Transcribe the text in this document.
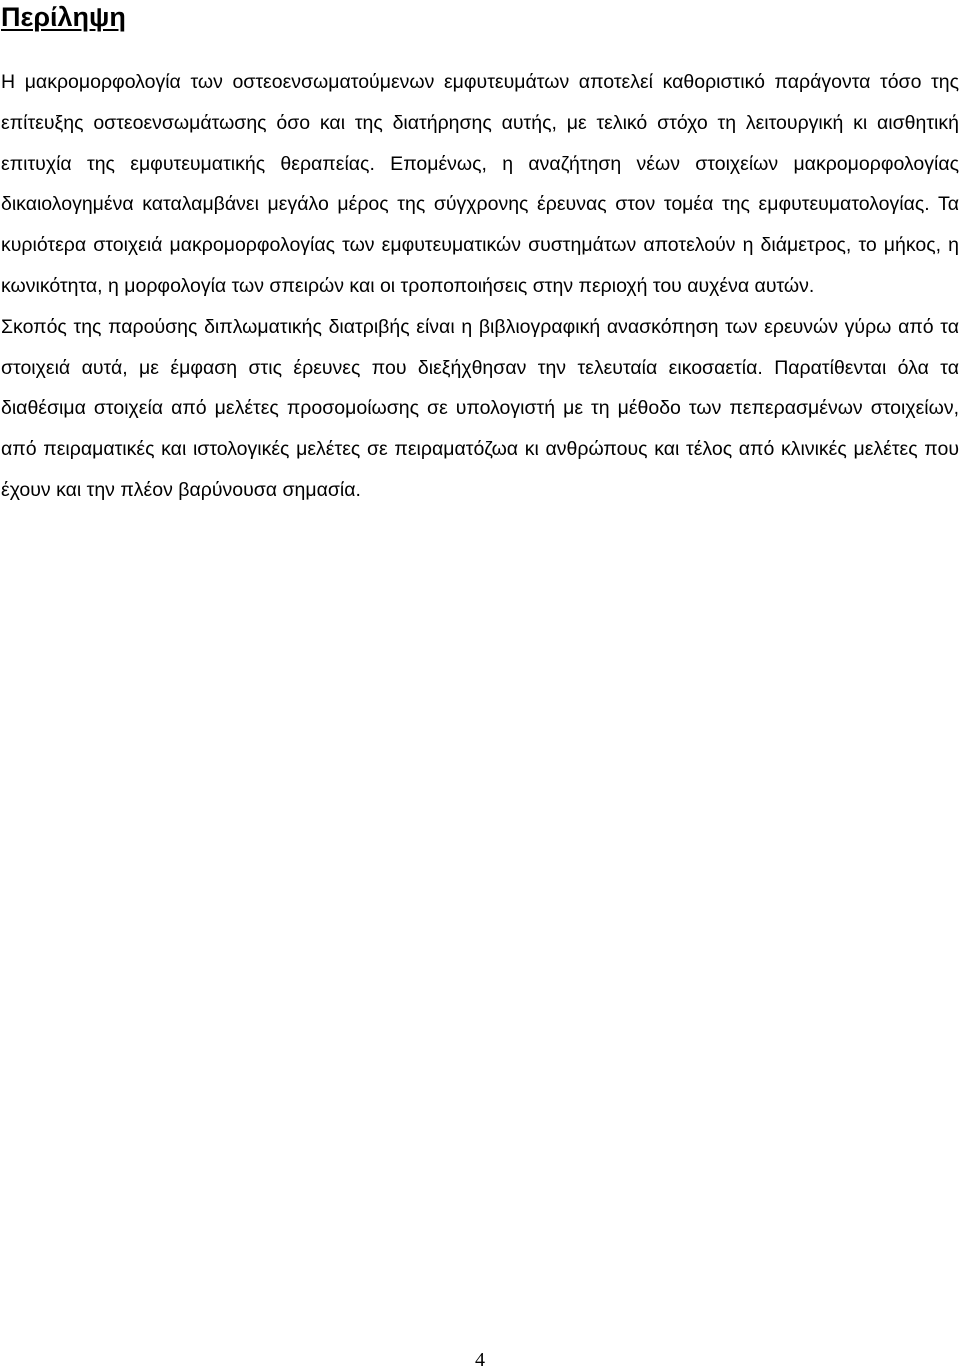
Περίληψη

Η μακρομορφολογία των οστεοενσωματούμενων εμφυτευμάτων αποτελεί καθοριστικό παράγοντα τόσο της επίτευξης οστεοενσωμάτωσης όσο και της διατήρησης αυτής, με τελικό στόχο τη λειτουργική κι αισθητική επιτυχία της εμφυτευματικής θεραπείας. Επομένως, η αναζήτηση νέων στοιχείων μακρομορφολογίας δικαιολογημένα καταλαμβάνει μεγάλο μέρος της σύγχρονης έρευνας στον τομέα της εμφυτευματολογίας. Τα κυριότερα στοιχειά μακρομορφολογίας των εμφυτευματικών συστημάτων αποτελούν η διάμετρος, το μήκος, η κωνικότητα, η μορφολογία των σπειρών και οι τροποποιήσεις στην περιοχή του αυχένα αυτών.

Σκοπός της παρούσης διπλωματικής διατριβής είναι η βιβλιογραφική ανασκόπηση των ερευνών γύρω από τα στοιχειά αυτά, με έμφαση στις έρευνες που διεξήχθησαν την τελευταία εικοσαετία. Παρατίθενται όλα τα διαθέσιμα στοιχεία από μελέτες προσομοίωσης σε υπολογιστή με τη μέθοδο των πεπερασμένων στοιχείων, από πειραματικές και ιστολογικές μελέτες σε πειραματόζωα κι ανθρώπους και τέλος από κλινικές μελέτες που έχουν και την πλέον βαρύνουσα σημασία.

4
